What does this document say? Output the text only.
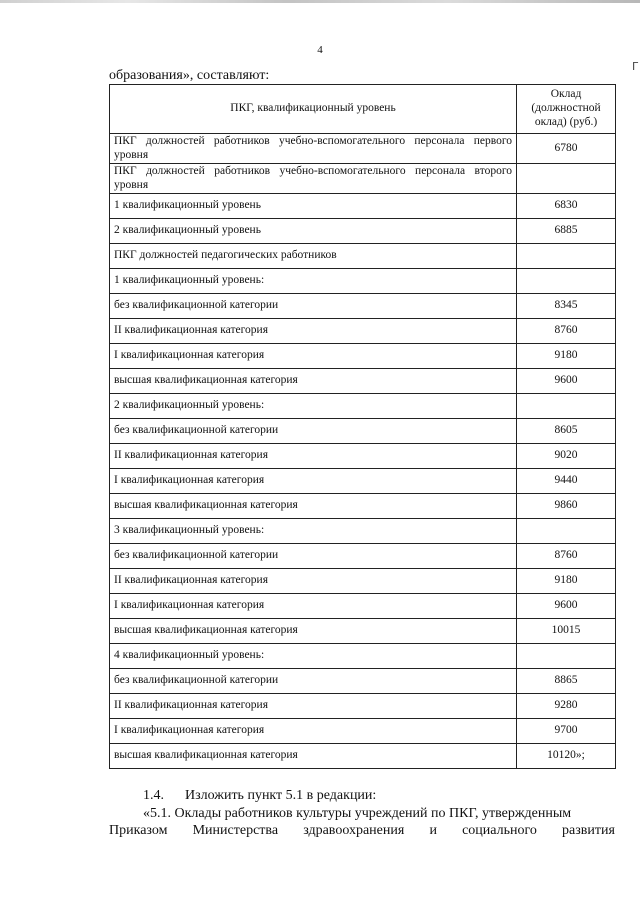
Г
4
образования», составляют:
ПКГ, квалификационный уровень	Оклад (должностной оклад) (руб.)
ПКГ должностей работников учебно-вспомогательного персонала первого уровня	6780
ПКГ должностей работников учебно-вспомогательного персонала второго уровня	
1 квалификационный уровень	6830
2 квалификационный уровень	6885
ПКГ должностей педагогических работников	
1 квалификационный уровень:	
без квалификационной категории	8345
II квалификационная категория	8760
I квалификационная категория	9180
высшая квалификационная категория	9600
2 квалификационный уровень:	
без квалификационной категории	8605
II квалификационная категория	9020
I квалификационная категория	9440
высшая квалификационная категория	9860
3 квалификационный уровень:	
без квалификационной категории	8760
II квалификационная категория	9180
I квалификационная категория	9600
высшая квалификационная категория	10015
4 квалификационный уровень:	
без квалификационной категории	8865
II квалификационная категория	9280
I квалификационная категория	9700
высшая квалификационная категория	10120»;
1.4. Изложить пункт 5.1 в редакции:
«5.1. Оклады работников культуры учреждений по ПКГ, утвержденным
Приказом Министерства здравоохранения и социального развития
